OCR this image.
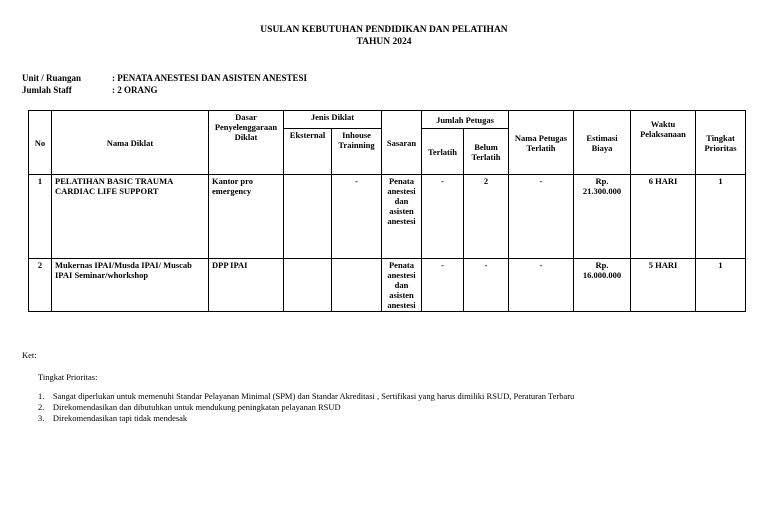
USULAN KEBUTUHAN PENDIDIKAN DAN PELATIHAN
TAHUN 2024
Unit / Ruangan	: PENATA ANESTESI DAN ASISTEN ANESTESI
Jumlah Staff	: 2 ORANG
No	Nama Diklat	Dasar Penyelenggaraan Diklat	Jenis Diklat		Sasaran	Jumlah Petugas		Nama Petugas Terlatih	Estimasi Biaya	Waktu Pelaksanaan	Tingkat Prioritas
			Eksternal	Inhouse Trainning		Terlatih	Belum Terlatih				
1	PELATIHAN BASIC TRAUMA CARDIAC LIFE SUPPORT	Kantor pro emergency		-	Penata anestesi dan asisten anestesi	-	2	-	Rp. 21.300.000	6 HARI	1
2	Mukernas IPAI/Musda IPAI/ Muscab IPAI Seminar/whorkshop	DPP IPAI			Penata anestesi dan asisten anestesi	-	-	-	Rp. 16.000.000	5 HARI	1
Ket:
Tingkat Prioritas:

1.    Sangat diperlukan untuk memenuhi Standar Pelayanan Minimal (SPM) dan Standar Akreditasi , Sertifikasi yang harus dimiliki RSUD, Peraturan Terbaru

2.    Direkomendasikan dan dibutuhkan untuk mendukung peningkatan pelayanan RSUD

3.    Direkomendasikan tapi tidak mendesak
